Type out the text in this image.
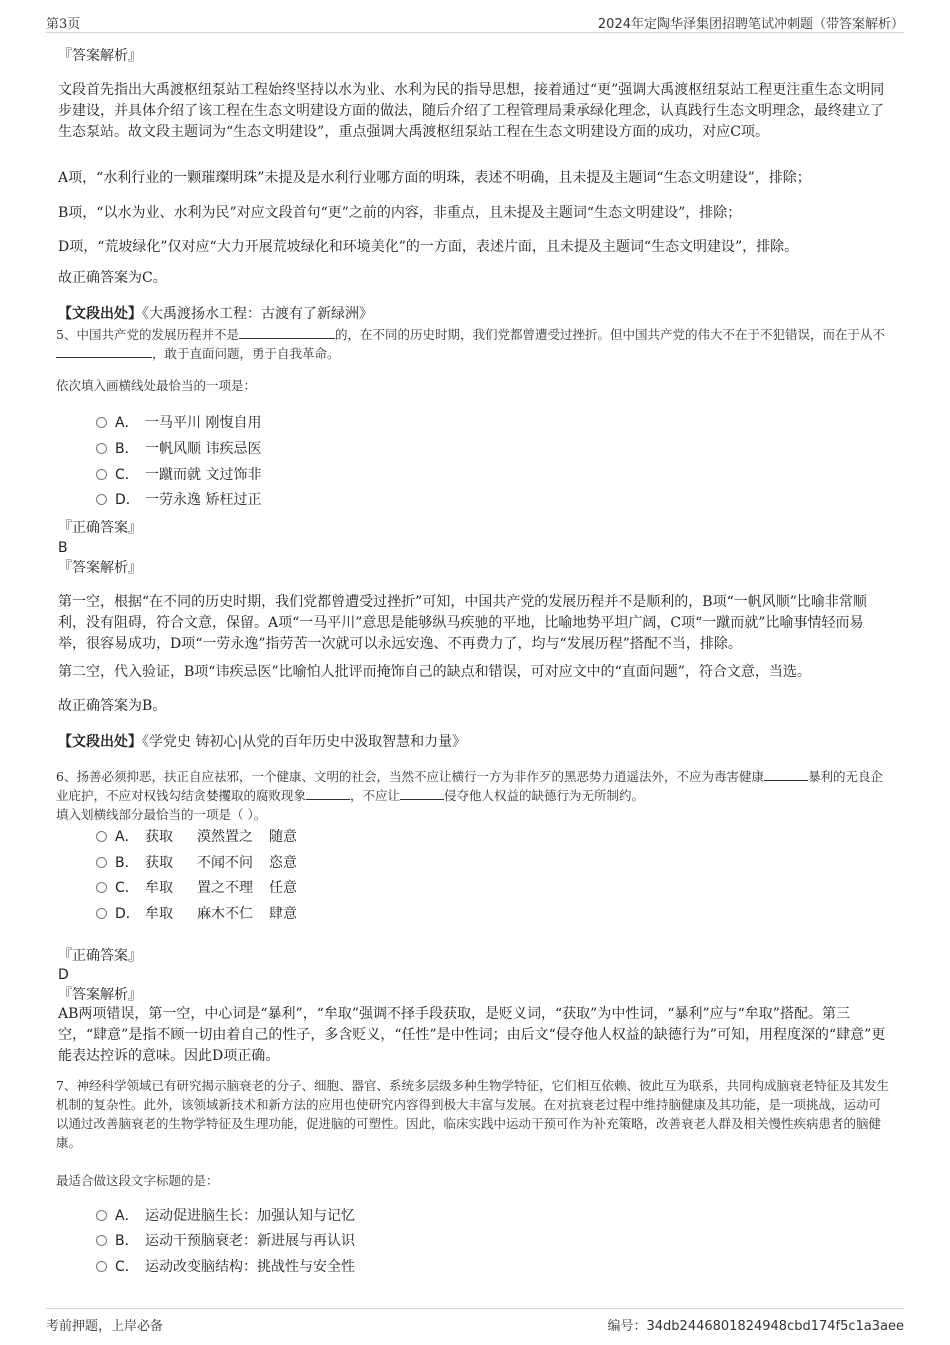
第3页	2024年定陶华泽集团招聘笔试冲刺题（带答案解析）
『答案解析』

文段首先指出大禹渡枢纽泵站工程始终坚持以水为业、水利为民的指导思想，接着通过“更”强调大禹渡枢纽泵站工程更注重生态文明同步建设，并具体介绍了该工程在生态文明建设方面的做法，随后介绍了工程管理局秉承绿化理念，认真践行生态文明理念，最终建立了生态泵站。故文段主题词为“生态文明建设”，重点强调大禹渡枢纽泵站工程在生态文明建设方面的成功，对应C项。

A项，“水利行业的一颗璀璨明珠”未提及是水利行业哪方面的明珠，表述不明确，且未提及主题词“生态文明建设”，排除；

B项，“以水为业、水利为民”对应文段首句“更”之前的内容，非重点，且未提及主题词“生态文明建设”，排除；

D项，“荒坡绿化”仅对应“大力开展荒坡绿化和环境美化”的一方面，表述片面，且未提及主题词“生态文明建设”，排除。

故正确答案为C。

【文段出处】《大禹渡扬水工程：古渡有了新绿洲》

5、中国共产党的发展历程并不是	的，在不同的历史时期，我们党都曾遭受过挫折。但中国共产党的伟大不在于不犯错误，而在于从不，敢于直面问题，勇于自我革命。

依次填入画横线处最恰当的一项是：
A． 一马平川 刚愎自用
B． 一帆风顺 讳疾忌医
C． 一蹴而就 文过饰非
D． 一劳永逸 矫枉过正
『正确答案』
B
『答案解析』

第一空，根据“在不同的历史时期，我们党都曾遭受过挫折”可知，中国共产党的发展历程并不是顺利的，B项“一帆风顺”比喻非常顺利，没有阻碍，符合文意，保留。A项“一马平川”意思是能够纵马疾驰的平地，比喻地势平坦广阔，C项“一蹴而就”比喻事情轻而易举，很容易成功，D项“一劳永逸”指劳苦一次就可以永远安逸、不再费力了，均与“发展历程”搭配不当，排除。

第二空，代入验证，B项“讳疾忌医”比喻怕人批评而掩饰自己的缺点和错误，可对应文中的“直面问题”，符合文意，当选。

故正确答案为B。

【文段出处】《学党史 铸初心|从党的百年历史中汲取智慧和力量》

6、扬善必须抑恶，扶正自应祛邪，一个健康、文明的社会，当然不应让横行一方为非作歹的黑恶势力逍遥法外，不应为毒害健康	暴利的无良企业庇护，不应对权钱勾结贪婪攫取的腐败现象	，不应让	侵夺他人权益的缺德行为无所制约。

填入划横线部分最恰当的一项是（ ）。
A． 获取 漠然置之 随意
B． 获取 不闻不问 恣意
C． 牟取 置之不理 任意
D． 牟取 麻木不仁 肆意
『正确答案』
D
『答案解析』

AB两项错误，第一空，中心词是“暴利”，“牟取”强调不择手段获取，是贬义词，“获取”为中性词，“暴利”应与“牟取”搭配。第三空，“肆意”是指不顾一切由着自己的性子，多含贬义，“任性”是中性词；由后文“侵夺他人权益的缺德行为”可知，用程度深的“肆意”更能表达控诉的意味。因此D项正确。

7、神经科学领域已有研究揭示脑衰老的分子、细胞、器官、系统多层级多种生物学特征，它们相互依赖、彼此互为联系，共同构成脑衰老特征及其发生机制的复杂性。此外，该领域新技术和新方法的应用也使研究内容得到极大丰富与发展。在对抗衰老过程中维持脑健康及其功能，是一项挑战，运动可以通过改善脑衰老的生物学特征及生理功能，促进脑的可塑性。因此，临床实践中运动干预可作为补充策略，改善衰老人群及相关慢性疾病患者的脑健康。

最适合做这段文字标题的是：
A． 运动促进脑生长：加强认知与记忆
B． 运动干预脑衰老：新进展与再认识
C． 运动改变脑结构：挑战性与安全性
考前押题，上岸必备	编号：34db2446801824948cbd174f5c1a3aee
